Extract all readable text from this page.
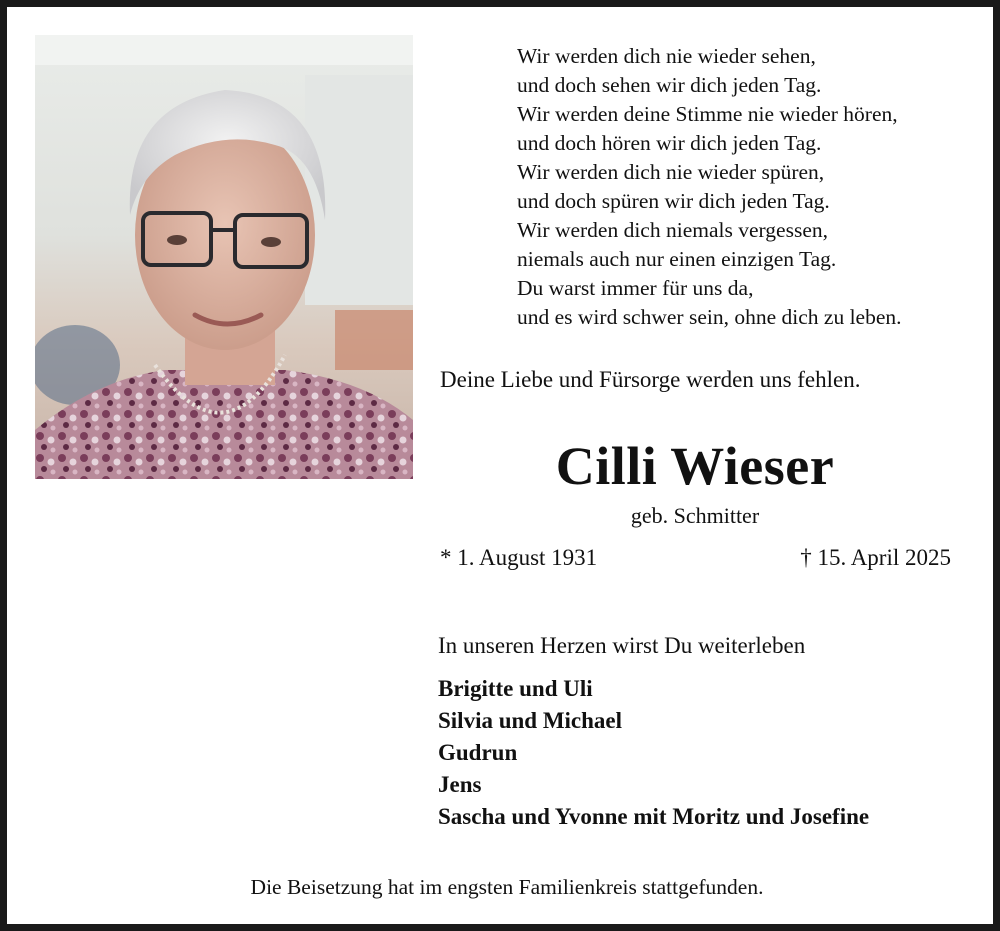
Wir werden dich nie wieder sehen,
und doch sehen wir dich jeden Tag.
Wir werden deine Stimme nie wieder hören,
und doch hören wir dich jeden Tag.
Wir werden dich nie wieder spüren,
und doch spüren wir dich jeden Tag.
Wir werden dich niemals vergessen,
niemals auch nur einen einzigen Tag.
Du warst immer für uns da,
und es wird schwer sein, ohne dich zu leben.
Deine Liebe und Fürsorge werden uns fehlen.
Cilli Wieser
geb. Schmitter
* 1. August 1931	† 15. April 2025
In unseren Herzen wirst Du weiterleben
Brigitte und Uli
Silvia und Michael
Gudrun
Jens
Sascha und Yvonne mit Moritz und Josefine
Die Beisetzung hat im engsten Familienkreis stattgefunden.
